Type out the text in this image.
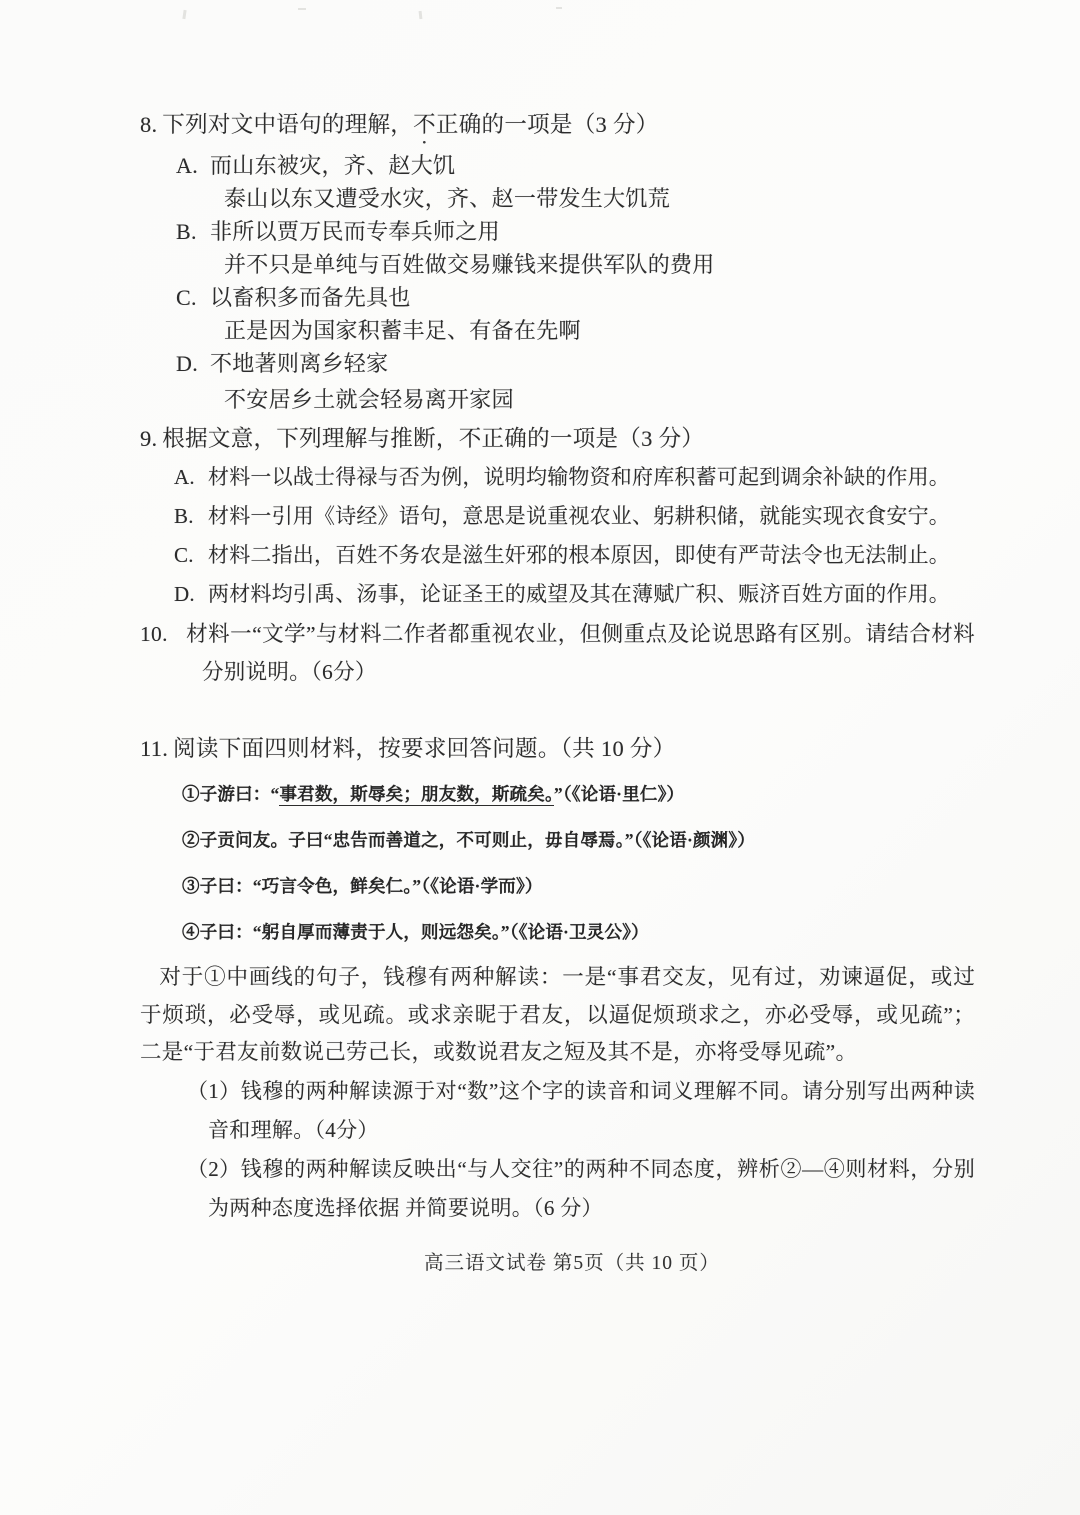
8.  下列对文中语句的理解，不正确的一项是（3 分）

A. 而山东被灾，齐、赵大饥

泰山以东又遭受水灾，齐、赵一带发生大饥荒

B. 非所以贾万民而专奉兵师之用

并不只是单纯与百姓做交易赚钱来提供军队的费用

C. 以畜积多而备先具也

正是因为国家积蓄丰足、有备在先啊

D. 不地著则离乡轻家

不安居乡土就会轻易离开家园

9.  根据文意，下列理解与推断，不正确的一项是（3 分）

A. 材料一以战士得禄与否为例，说明均输物资和府库积蓄可起到调余补缺的作用。

B. 材料一引用《诗经》语句，意思是说重视农业、躬耕积储，就能实现衣食安宁。

C. 材料二指出，百姓不务农是滋生奸邪的根本原因，即使有严苛法令也无法制止。

D. 两材料均引禹、汤事，论证圣王的威望及其在薄赋广积、赈济百姓方面的作用。

10. 材料一“文学”与材料二作者都重视农业，但侧重点及论说思路有区别。请结合材料分别说明。（6分）

11.  阅读下面四则材料，按要求回答问题。（共 10 分）

①子游曰：“事君数，斯辱矣；朋友数，斯疏矣。”（《论语·里仁》）

②子贡问友。子曰“忠告而善道之，不可则止，毋自辱焉。”（《论语·颜渊》）

③子曰：“巧言令色，鲜矣仁。”（《论语·学而》）

④子曰：“躬自厚而薄责于人，则远怨矣。”（《论语·卫灵公》）

对于①中画线的句子，钱穆有两种解读：一是“事君交友，见有过，劝谏逼促，或过于烦琐，必受辱，或见疏。或求亲昵于君友，以逼促烦琐求之，亦必受辱，或见疏”；二是“于君友前数说己劳己长，或数说君友之短及其不是，亦将受辱见疏”。

（1）钱穆的两种解读源于对“数”这个字的读音和词义理解不同。请分别写出两种读音和理解。（4分）

（2）钱穆的两种解读反映出“与人交往”的两种不同态度，辨析②—④则材料，分别为两种态度选择依据 并简要说明。（6 分）

高三语文试卷 第5页（共 10 页）
